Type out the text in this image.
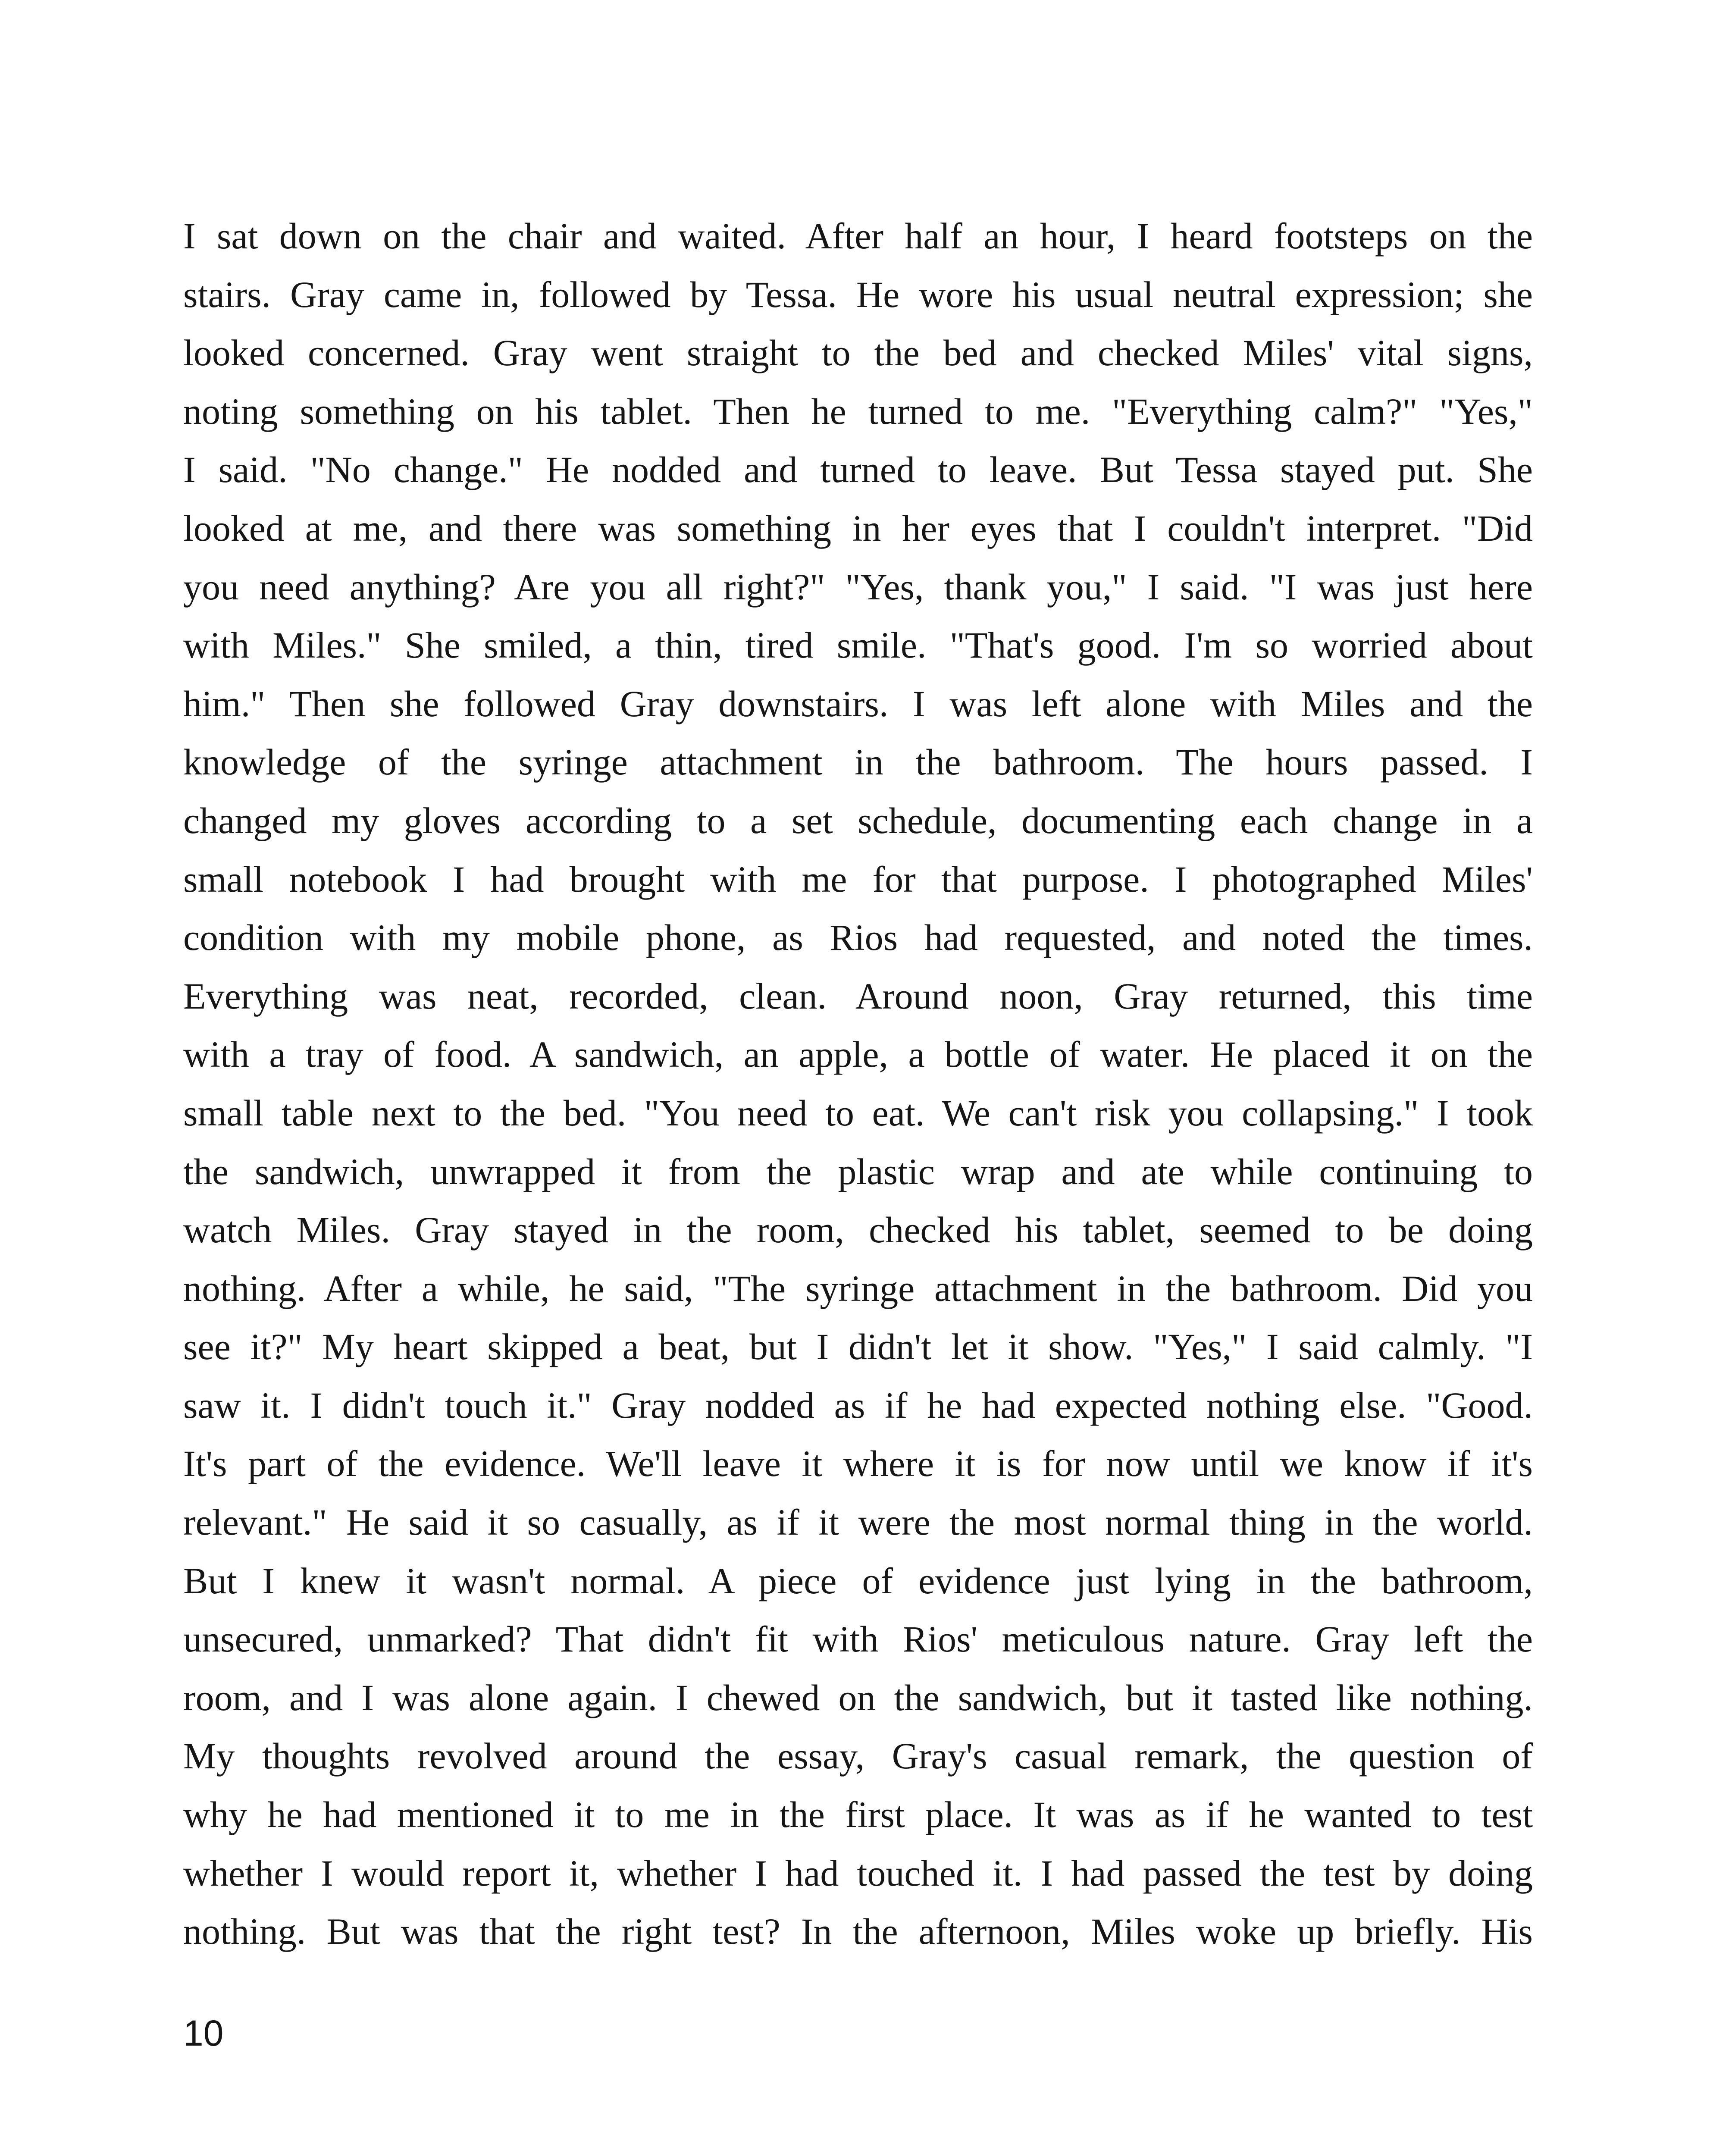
I sat down on the chair and waited. After half an hour, I heard footsteps on the
stairs. Gray came in, followed by Tessa. He wore his usual neutral expression; she
looked concerned. Gray went straight to the bed and checked Miles' vital signs,
noting something on his tablet. Then he turned to me. "Everything calm?" "Yes,"
I said. "No change." He nodded and turned to leave. But Tessa stayed put. She
looked at me, and there was something in her eyes that I couldn't interpret. "Did
you need anything? Are you all right?" "Yes, thank you," I said. "I was just here
with Miles." She smiled, a thin, tired smile. "That's good. I'm so worried about
him." Then she followed Gray downstairs. I was left alone with Miles and the
knowledge of the syringe attachment in the bathroom. The hours passed. I
changed my gloves according to a set schedule, documenting each change in a
small notebook I had brought with me for that purpose. I photographed Miles'
condition with my mobile phone, as Rios had requested, and noted the times.
Everything was neat, recorded, clean. Around noon, Gray returned, this time
with a tray of food. A sandwich, an apple, a bottle of water. He placed it on the
small table next to the bed. "You need to eat. We can't risk you collapsing." I took
the sandwich, unwrapped it from the plastic wrap and ate while continuing to
watch Miles. Gray stayed in the room, checked his tablet, seemed to be doing
nothing. After a while, he said, "The syringe attachment in the bathroom. Did you
see it?" My heart skipped a beat, but I didn't let it show. "Yes," I said calmly. "I
saw it. I didn't touch it." Gray nodded as if he had expected nothing else. "Good.
It's part of the evidence. We'll leave it where it is for now until we know if it's
relevant." He said it so casually, as if it were the most normal thing in the world.
But I knew it wasn't normal. A piece of evidence just lying in the bathroom,
unsecured, unmarked? That didn't fit with Rios' meticulous nature. Gray left the
room, and I was alone again. I chewed on the sandwich, but it tasted like nothing.
My thoughts revolved around the essay, Gray's casual remark, the question of
why he had mentioned it to me in the first place. It was as if he wanted to test
whether I would report it, whether I had touched it. I had passed the test by doing
nothing. But was that the right test? In the afternoon, Miles woke up briefly. His
10
